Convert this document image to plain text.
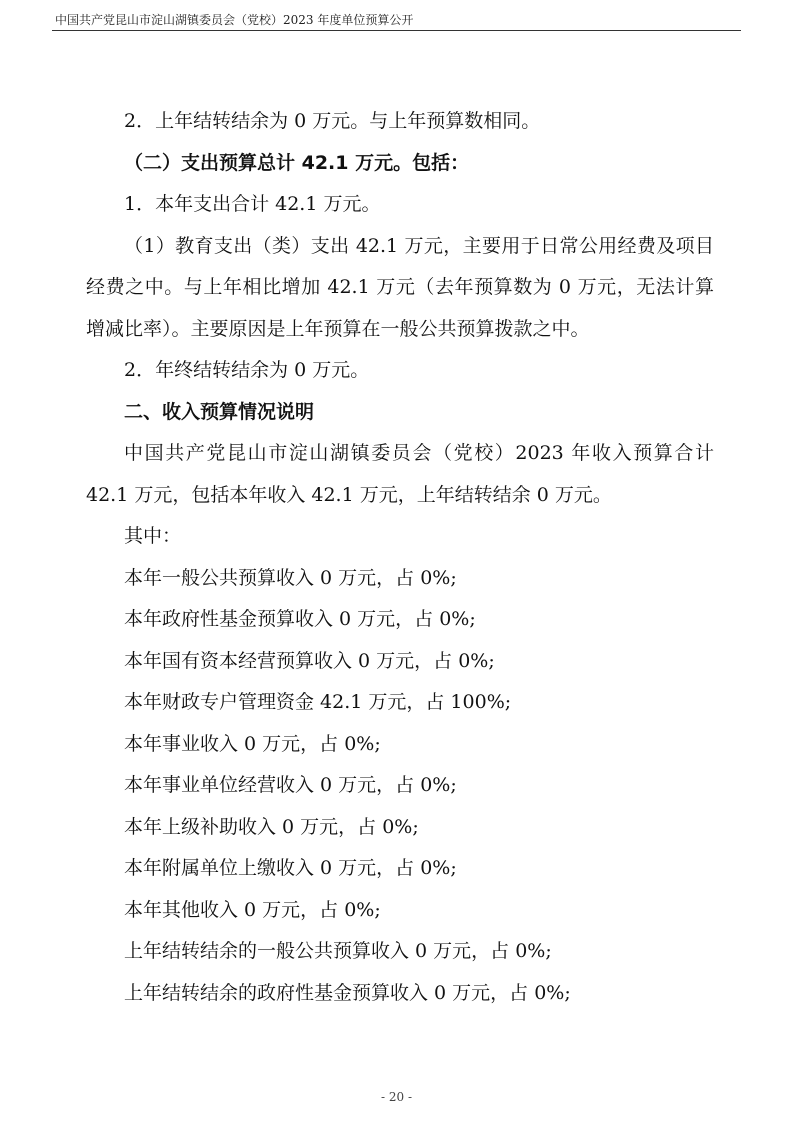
中国共产党昆山市淀山湖镇委员会（党校）2023 年度单位预算公开

2．上年结转结余为 0 万元。与上年预算数相同。

（二）支出预算总计 42.1 万元。包括：

1．本年支出合计 42.1 万元。

（1）教育支出（类）支出 42.1 万元，主要用于日常公用经费及项目经费之中。与上年相比增加 42.1 万元（去年预算数为 0 万元，无法计算增减比率）。主要原因是上年预算在一般公共预算拨款之中。

2．年终结转结余为 0 万元。

二、收入预算情况说明

中国共产党昆山市淀山湖镇委员会（党校）2023 年收入预算合计 42.1 万元，包括本年收入 42.1 万元，上年结转结余 0 万元。

其中：

本年一般公共预算收入 0 万元，占 0%;

本年政府性基金预算收入 0 万元，占 0%;

本年国有资本经营预算收入 0 万元，占 0%;

本年财政专户管理资金 42.1 万元，占 100%;

本年事业收入 0 万元，占 0%;

本年事业单位经营收入 0 万元，占 0%;

本年上级补助收入 0 万元，占 0%;

本年附属单位上缴收入 0 万元，占 0%;

本年其他收入 0 万元，占 0%;

上年结转结余的一般公共预算收入 0 万元，占 0%;

上年结转结余的政府性基金预算收入 0 万元，占 0%;

- 20 -
